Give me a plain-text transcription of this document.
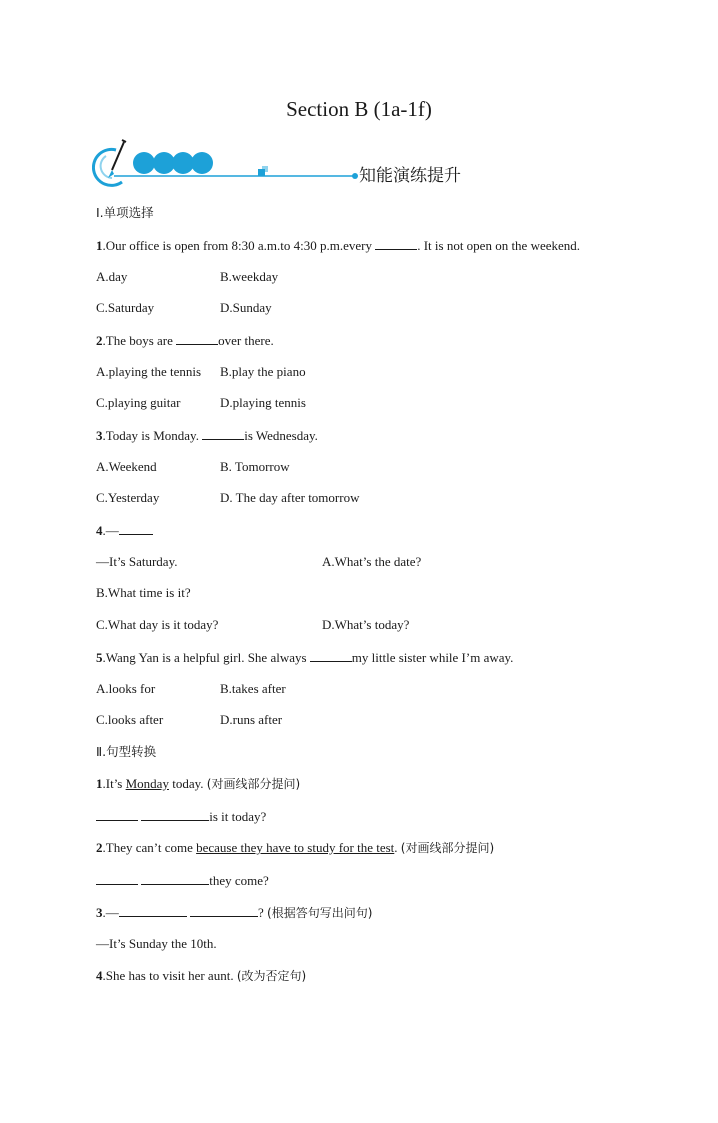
Section B (1a-1f)
知能演练提升
Ⅰ.单项选择
1.Our office is open from 8:30 a.m.to 4:30 p.m.every	. It is not open on the weekend.
A.day	B.weekday
C.Saturday	D.Sunday
2.The boys are	over there.
A.playing the tennis B.play the piano
C.playing guitar	D.playing tennis
3.Today is Monday.	is Wednesday.
A.Weekend	B. Tomorrow
C.Yesterday	D. The day after tomorrow
4.—
—It’s Saturday.	A.What’s the date?
B.What time is it?
C.What day is it today?	D.What’s today?
5.Wang Yan is a helpful girl. She always	my little sister while I’m away.
A.looks for	B.takes after
C.looks after	D.runs after
Ⅱ.句型转换
1.It’s Monday today. (对画线部分提问)
is it today?
2.They can’t come because they have to study for the test. (对画线部分提问)
they come?
3.—	? (根据答句写出问句)
—It’s Sunday the 10th.
4.She has to visit her aunt. (改为否定句)
